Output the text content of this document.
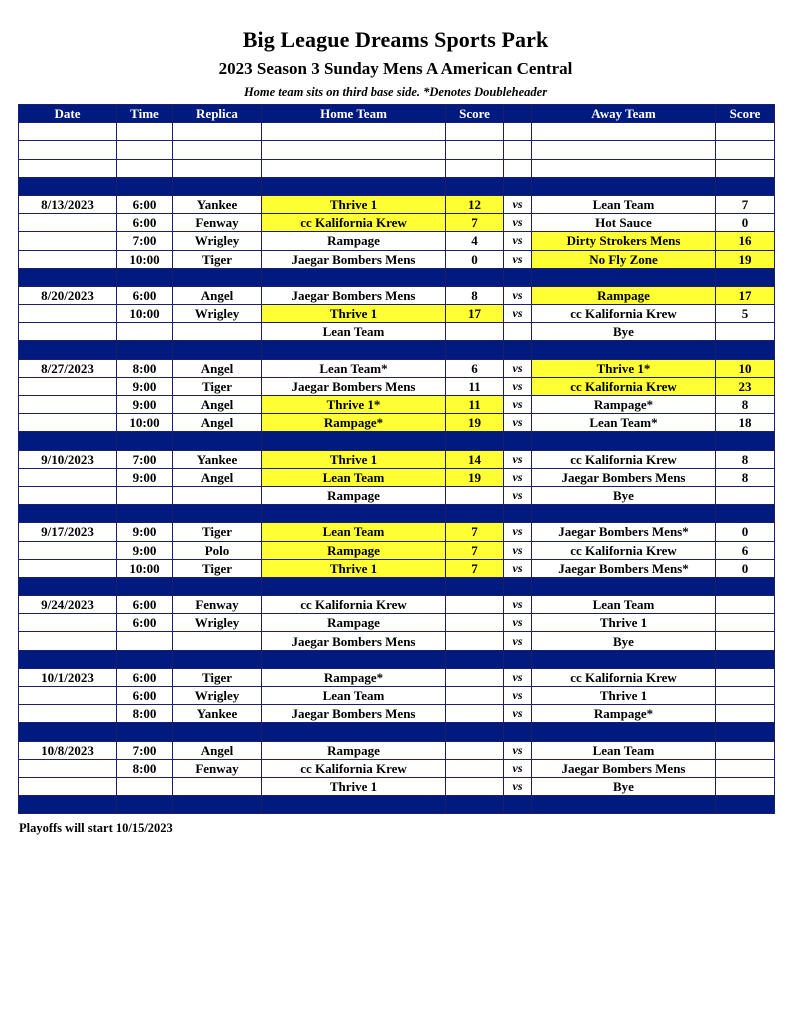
Big League Dreams Sports Park
2023 Season 3 Sunday Mens A American Central
Home team sits on third base side. *Denotes Doubleheader
Date	Time	Replica	Home Team	Score		Away Team	Score

8/13/2023	6:00	Yankee	Thrive 1	12	vs	Lean Team	7
	6:00	Fenway	cc Kalifornia Krew	7	vs	Hot Sauce	0
	7:00	Wrigley	Rampage	4	vs	Dirty Strokers Mens	16
	10:00	Tiger	Jaegar Bombers Mens	0	vs	No Fly Zone	19

8/20/2023	6:00	Angel	Jaegar Bombers Mens	8	vs	Rampage	17
	10:00	Wrigley	Thrive 1	17	vs	cc Kalifornia Krew	5
			Lean Team			Bye	

8/27/2023	8:00	Angel	Lean Team*	6	vs	Thrive 1*	10
	9:00	Tiger	Jaegar Bombers Mens	11	vs	cc Kalifornia Krew	23
	9:00	Angel	Thrive 1*	11	vs	Rampage*	8
	10:00	Angel	Rampage*	19	vs	Lean Team*	18

9/10/2023	7:00	Yankee	Thrive 1	14	vs	cc Kalifornia Krew	8
	9:00	Angel	Lean Team	19	vs	Jaegar Bombers Mens	8
			Rampage		vs	Bye	

9/17/2023	9:00	Tiger	Lean Team	7	vs	Jaegar Bombers Mens*	0
	9:00	Polo	Rampage	7	vs	cc Kalifornia Krew	6
	10:00	Tiger	Thrive 1	7	vs	Jaegar Bombers Mens*	0

9/24/2023	6:00	Fenway	cc Kalifornia Krew		vs	Lean Team	
	6:00	Wrigley	Rampage		vs	Thrive 1	
			Jaegar Bombers Mens		vs	Bye	

10/1/2023	6:00	Tiger	Rampage*		vs	cc Kalifornia Krew	
	6:00	Wrigley	Lean Team		vs	Thrive 1	
	8:00	Yankee	Jaegar Bombers Mens		vs	Rampage*	

10/8/2023	7:00	Angel	Rampage		vs	Lean Team	
	8:00	Fenway	cc Kalifornia Krew		vs	Jaegar Bombers Mens	
			Thrive 1		vs	Bye	

Playoffs will start 10/15/2023
